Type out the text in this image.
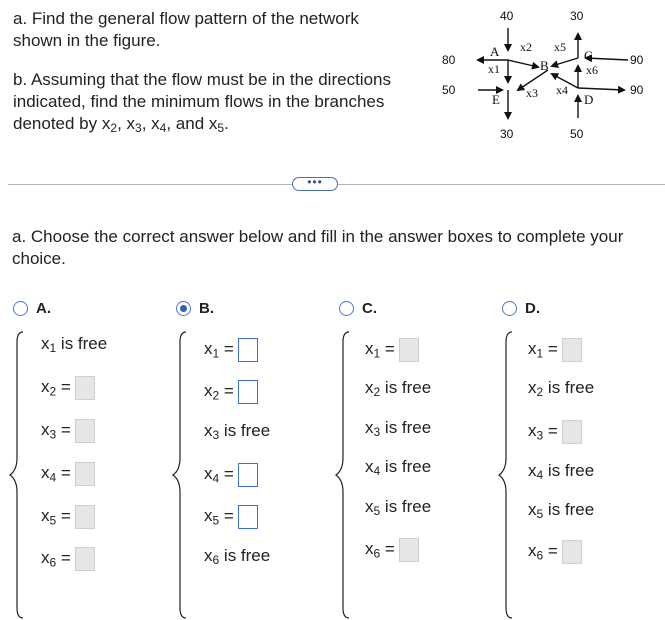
a. Find the general flow pattern of the network shown in the figure.
b. Assuming that the flow must be in the directions indicated, find the minimum flows in the branches denoted by $x_2$, $x_3$, $x_4$, and $x_5$.
A
B
C
D
E
x1
x2
x3 x4
x5
x6
40	30
80	90
50	90
30	50
•••
a. Choose the correct answer below and fill in the answer boxes to complete your choice.
A.
$x_1$ is free
$x_2$ =
$x_3$ =
$x_4$ =
$x_5$ =
$x_6$ =
B.
$x_1$ =
$x_2$ =
$x_3$ is free
$x_4$ =
$x_5$ =
$x_6$ is free
C.
$x_1$ =
$x_2$ is free
$x_3$ is free
$x_4$ is free
$x_5$ is free
$x_6$ =
D.
$x_1$ =
$x_2$ is free
$x_3$ =
$x_4$ is free
$x_5$ is free
$x_6$ =
